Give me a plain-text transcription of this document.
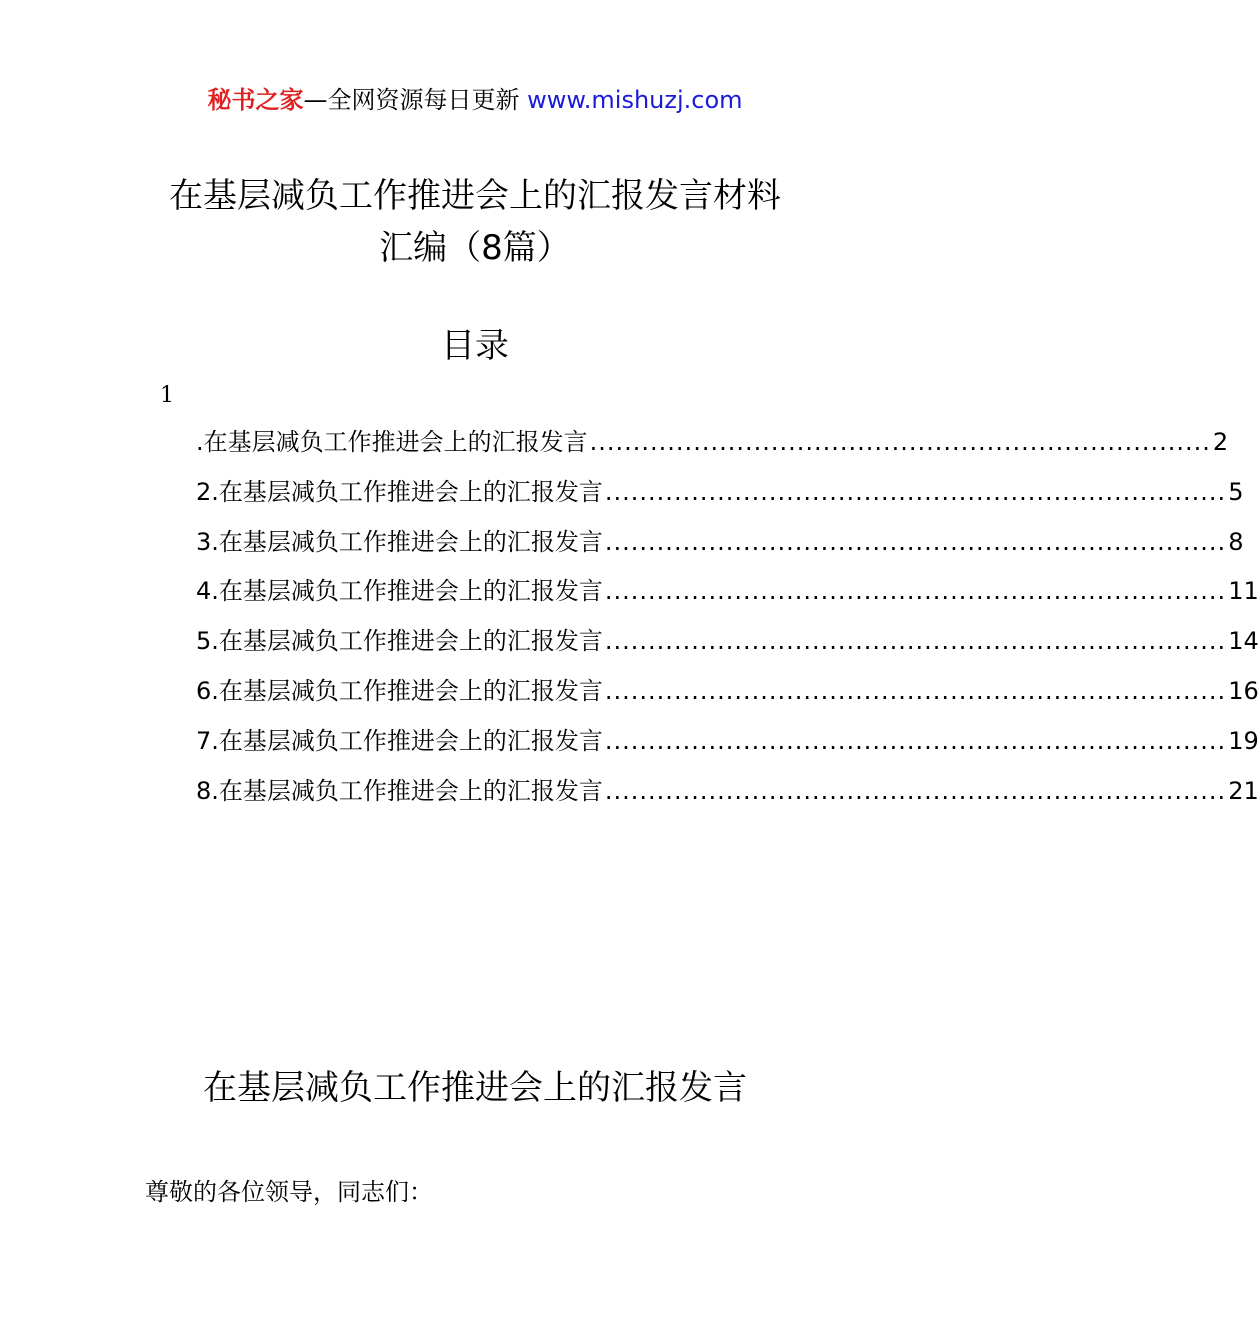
秘书之家—全网资源每日更新 www.mishuzj.com
在基层减负工作推进会上的汇报发言材料
汇编（8篇）
目录
1
.在基层减负工作推进会上的汇报发言 ........................................................................ 2
2.在基层减负工作推进会上的汇报发言 ........................................................................ 5
3.在基层减负工作推进会上的汇报发言 ........................................................................ 8
4.在基层减负工作推进会上的汇报发言 ........................................................................ 11
5.在基层减负工作推进会上的汇报发言 ........................................................................ 14
6.在基层减负工作推进会上的汇报发言 ........................................................................ 16
7.在基层减负工作推进会上的汇报发言 ........................................................................ 19
8.在基层减负工作推进会上的汇报发言 ........................................................................ 21
在基层减负工作推进会上的汇报发言
尊敬的各位领导，同志们：
